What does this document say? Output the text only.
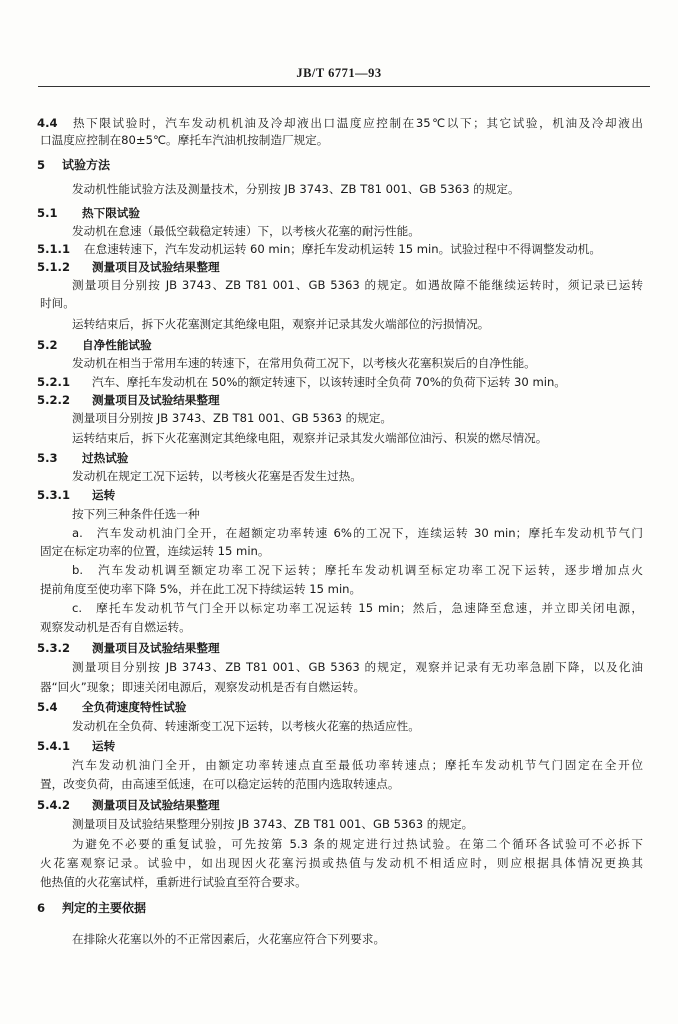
JB/T 6771—93
4.4 热下限试验时，汽车发动机机油及冷却液出口温度应控制在35℃以下；其它试验，机油及冷却液出
口温度应控制在80±5℃。摩托车汽油机按制造厂规定。
5 试验方法
发动机性能试验方法及测量技术，分别按 JB 3743、ZB T81 001、GB 5363 的规定。
5.1 热下限试验
发动机在怠速（最低空载稳定转速）下，以考核火花塞的耐污性能。
5.1.1 在怠速转速下，汽车发动机运转 60 min；摩托车发动机运转 15 min。试验过程中不得调整发动机。
5.1.2 测量项目及试验结果整理
测量项目分别按 JB 3743、ZB T81 001、GB 5363 的规定。如遇故障不能继续运转时，须记录已运转
时间。
运转结束后，拆下火花塞测定其绝缘电阻，观察并记录其发火端部位的污损情况。
5.2 自净性能试验
发动机在相当于常用车速的转速下，在常用负荷工况下，以考核火花塞积炭后的自净性能。
5.2.1 汽车、摩托车发动机在 50%的额定转速下，以该转速时全负荷 70%的负荷下运转 30 min。
5.2.2 测量项目及试验结果整理
测量项目分别按 JB 3743、ZB T81 001、GB 5363 的规定。
运转结束后，拆下火花塞测定其绝缘电阻，观察并记录其发火端部位油污、积炭的燃尽情况。
5.3 过热试验
发动机在规定工况下运转，以考核火花塞是否发生过热。
5.3.1 运转
按下列三种条件任选一种
a.　汽车发动机油门全开，在超额定功率转速 6%的工况下，连续运转 30 min；摩托车发动机节气门
固定在标定功率的位置，连续运转 15 min。
b.　汽车发动机调至额定功率工况下运转；摩托车发动机调至标定功率工况下运转，逐步增加点火
提前角度至使功率下降 5%，并在此工况下持续运转 15 min。
c.　摩托车发动机节气门全开以标定功率工况运转 15 min；然后，急速降至怠速，并立即关闭电源，
观察发动机是否有自燃运转。
5.3.2 测量项目及试验结果整理
测量项目分别按 JB 3743、ZB T81 001、GB 5363 的规定，观察并记录有无功率急剧下降，以及化油
器“回火”现象；即速关闭电源后，观察发动机是否有自燃运转。
5.4 全负荷速度特性试验
发动机在全负荷、转速渐变工况下运转，以考核火花塞的热适应性。
5.4.1 运转
汽车发动机油门全开，由额定功率转速点直至最低功率转速点；摩托车发动机节气门固定在全开位
置，改变负荷，由高速至低速，在可以稳定运转的范围内选取转速点。
5.4.2 测量项目及试验结果整理
测量项目及试验结果整理分别按 JB 3743、ZB T81 001、GB 5363 的规定。
为避免不必要的重复试验，可先按第 5.3 条的规定进行过热试验。在第二个循环各试验可不必拆下
火花塞观察记录。试验中，如出现因火花塞污损或热值与发动机不相适应时，则应根据具体情况更换其
他热值的火花塞试样，重新进行试验直至符合要求。
6 判定的主要依据
在排除火花塞以外的不正常因素后，火花塞应符合下列要求。
